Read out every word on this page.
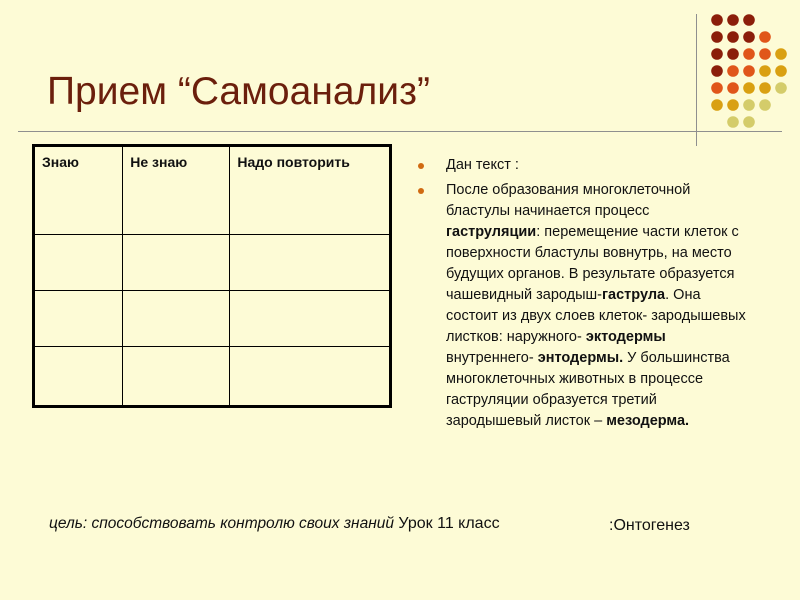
Прием “Самоанализ”
Знаю	Не знаю	Надо повторить

			Дан текст :
После образования многоклеточной бластулы начинается процесс гаструляции: перемещение части клеток с поверхности бластулы вовнутрь, на место будущих органов. В результате образуется чашевидный зародыш-гаструла. Она состоит из двух слоев клеток- зародышевых листков: наружного- эктодермы внутреннего- энтодермы. У большинства многоклеточных животных в процессе гаструляции образуется третий зародышевый листок – мезодерма.
цель: способствовать контролю своих знаний Урок 11 класс	:Онтогенез
